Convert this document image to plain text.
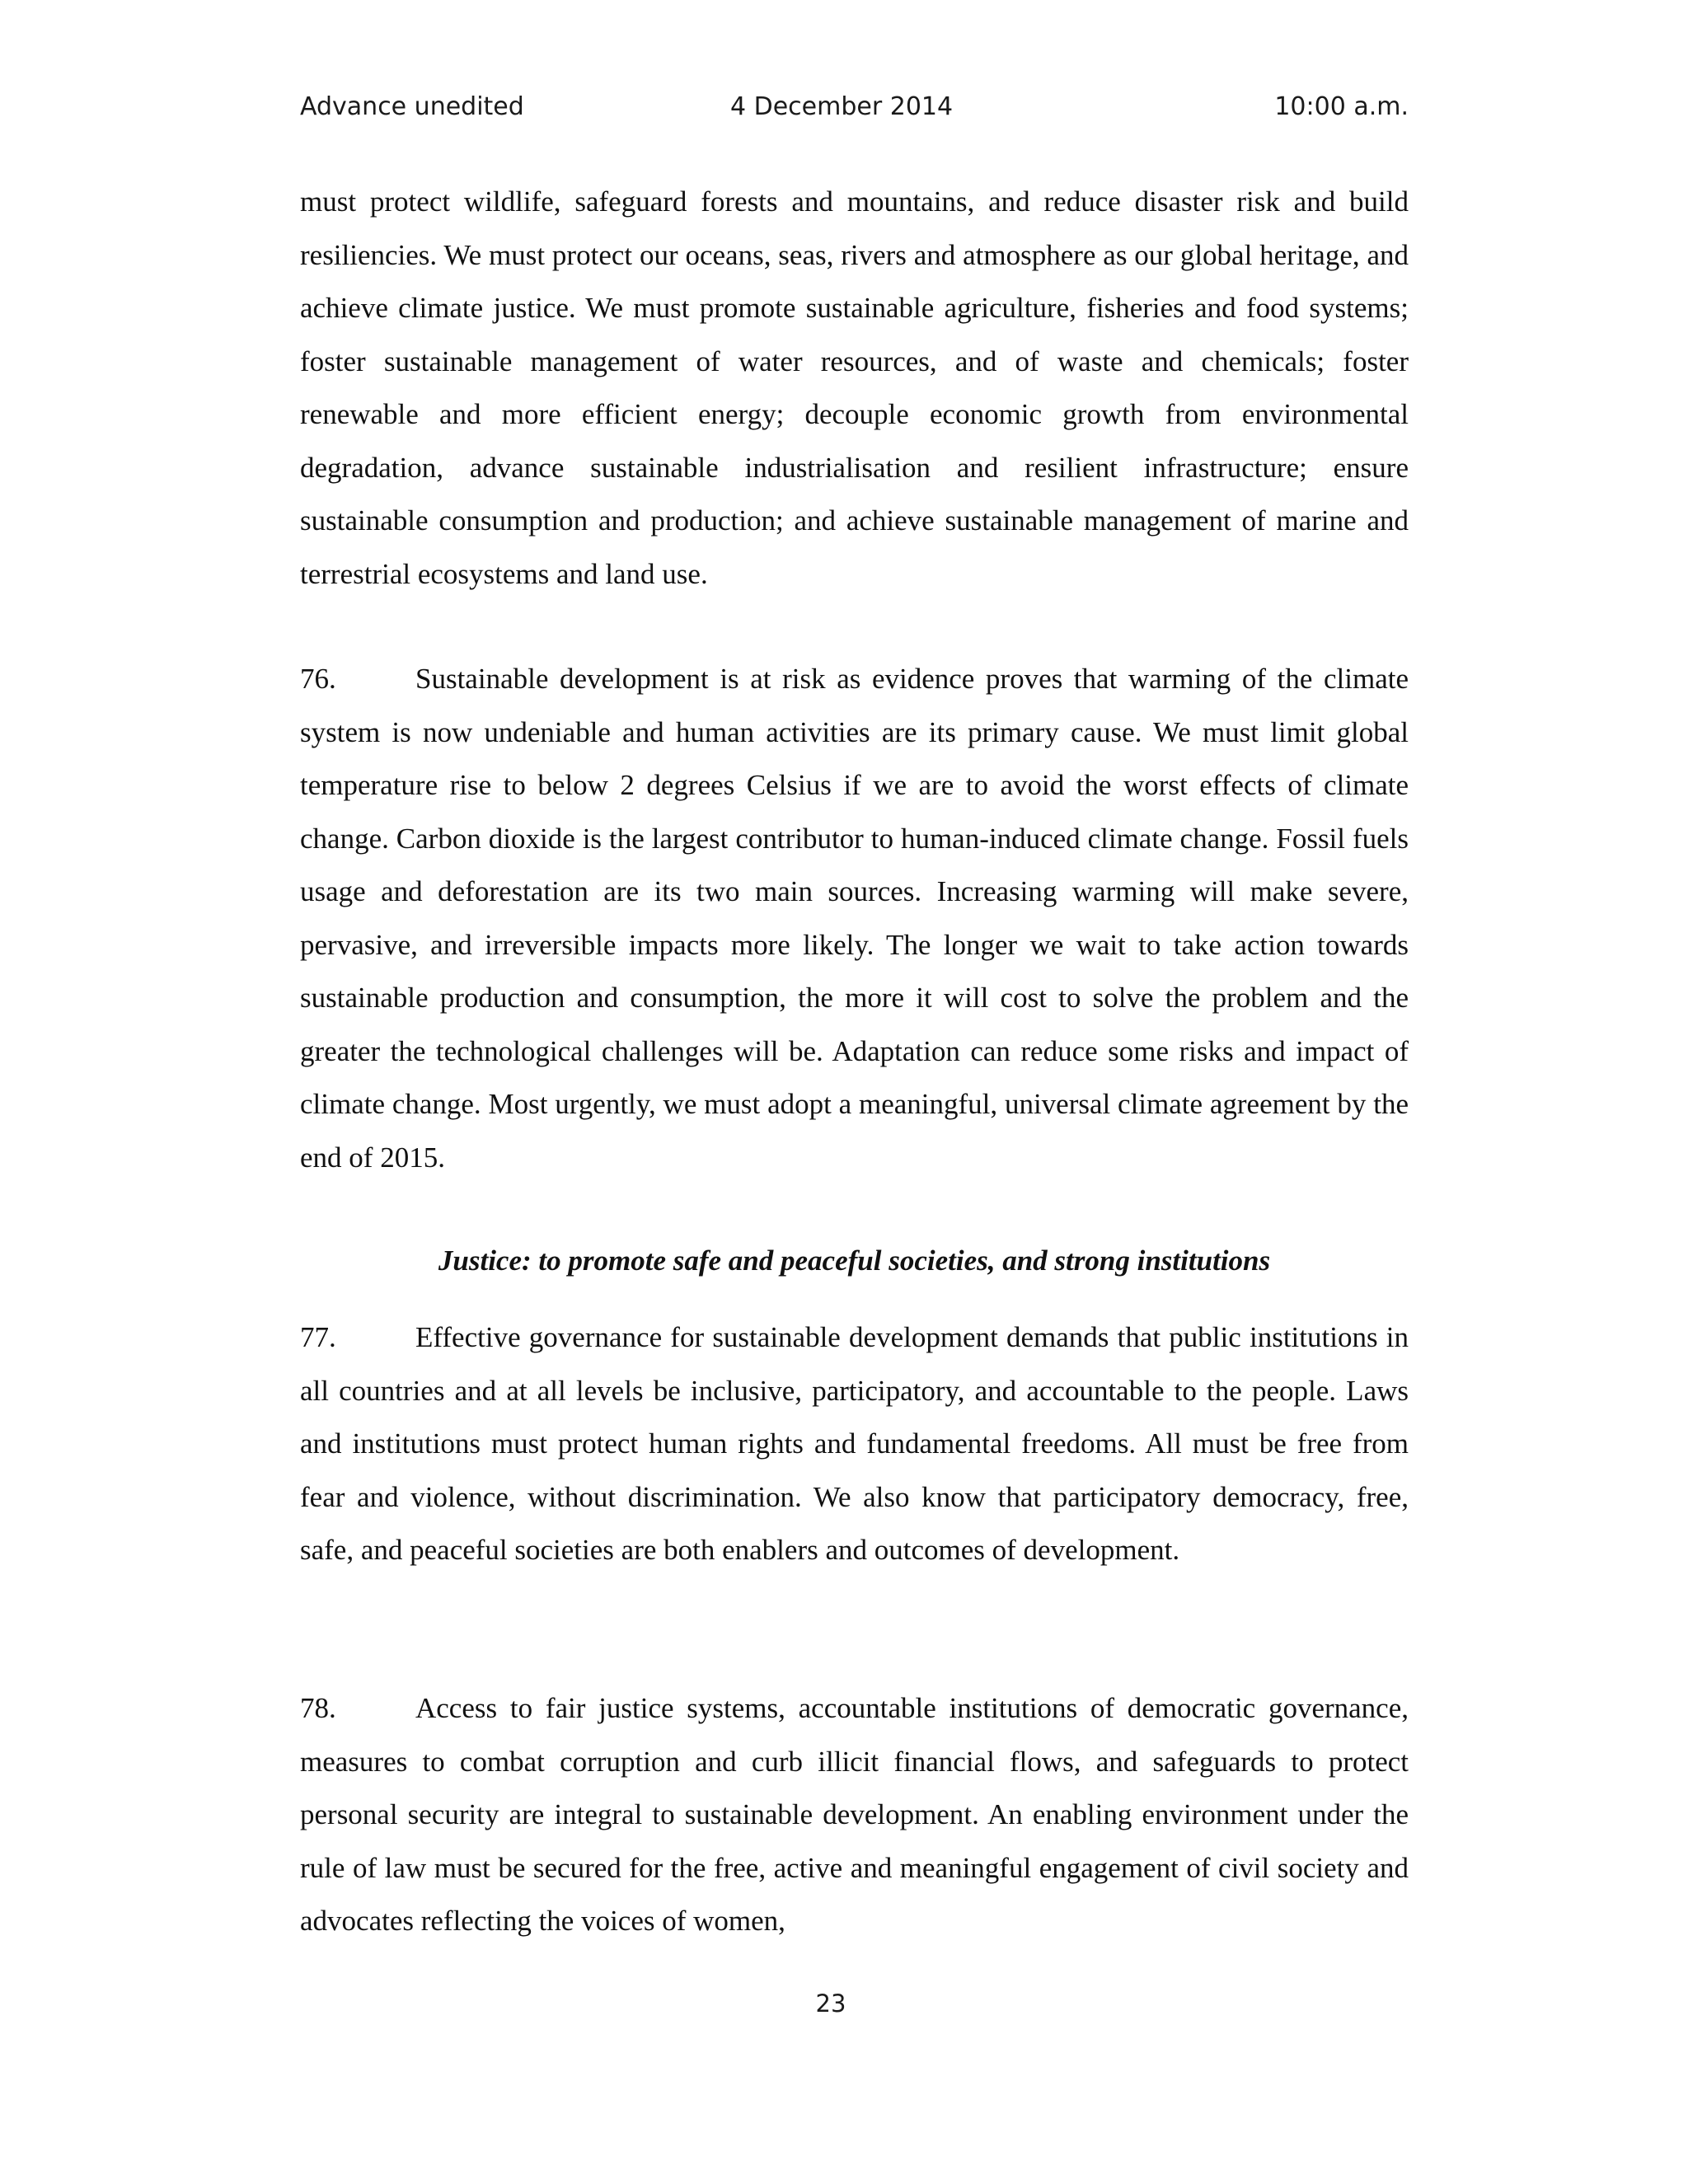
Advance unedited	4 December 2014	10:00 a.m.

must protect wildlife, safeguard forests and mountains, and reduce disaster risk and build resiliencies. We must protect our oceans, seas, rivers and atmosphere as our global heritage, and achieve climate justice. We must promote sustainable agriculture, fisheries and food systems; foster sustainable management of water resources, and of waste and chemicals; foster renewable and more efficient energy; decouple economic growth from environmental degradation, advance sustainable industrialisation and resilient infrastructure; ensure sustainable consumption and production; and achieve sustainable management of marine and terrestrial ecosystems and land use.

76.	Sustainable development is at risk as evidence proves that warming of the climate system is now undeniable and human activities are its primary cause. We must limit global temperature rise to below 2 degrees Celsius if we are to avoid the worst effects of climate change. Carbon dioxide is the largest contributor to human-induced climate change. Fossil fuels usage and deforestation are its two main sources. Increasing warming will make severe, pervasive, and irreversible impacts more likely. The longer we wait to take action towards sustainable production and consumption, the more it will cost to solve the problem and the greater the technological challenges will be. Adaptation can reduce some risks and impact of climate change. Most urgently, we must adopt a meaningful, universal climate agreement by the end of 2015.

Justice: to promote safe and peaceful societies, and strong institutions

77.	Effective governance for sustainable development demands that public institutions in all countries and at all levels be inclusive, participatory, and accountable to the people. Laws and institutions must protect human rights and fundamental freedoms. All must be free from fear and violence, without discrimination. We also know that participatory democracy, free, safe, and peaceful societies are both enablers and outcomes of development.

78.	Access to fair justice systems, accountable institutions of democratic governance, measures to combat corruption and curb illicit financial flows, and safeguards to protect personal security are integral to sustainable development. An enabling environment under the rule of law must be secured for the free, active and meaningful engagement of civil society and advocates reflecting the voices of women,

23
